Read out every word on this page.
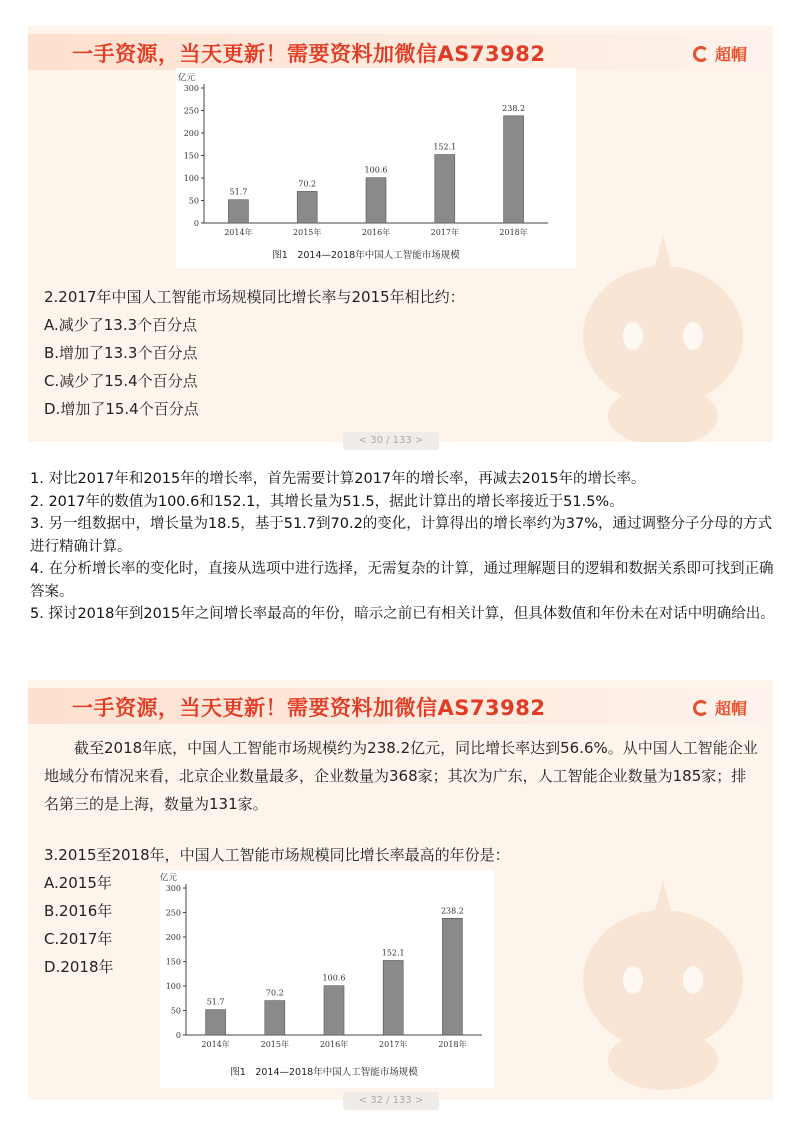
一手资源，当天更新！需要资料加微信AS73982	超帽
0
50
100
150
200
250
300
亿元
51.7
2014年
70.2
2015年
100.6
2016年
152.1
2017年
238.2
2018年
图1　2014—2018年中国人工智能市场规模
2.2017年中国人工智能市场规模同比增长率与2015年相比约：
A.减少了13.3个百分点
B.增加了13.3个百分点
C.减少了15.4个百分点
D.增加了15.4个百分点
< 30 / 133 >

1. 对比2017年和2015年的增长率，首先需要计算2017年的增长率，再减去2015年的增长率。

2. 2017年的数值为100.6和152.1，其增长量为51.5，据此计算出的增长率接近于51.5%。

3. 另一组数据中，增长量为18.5，基于51.7到70.2的变化，计算得出的增长率约为37%，通过调整分子分母的方式进行精确计算。

4. 在分析增长率的变化时，直接从选项中进行选择，无需复杂的计算，通过理解题目的逻辑和数据关系即可找到正确答案。

5. 探讨2018年到2015年之间增长率最高的年份，暗示之前已有相关计算，但具体数值和年份未在对话中明确给出。

一手资源，当天更新！需要资料加微信AS73982	超帽
截至2018年底，中国人工智能市场规模约为238.2亿元，同比增长率达到56.6%。从中国人工智能企业地域分布情况来看，北京企业数量最多，企业数量为368家；其次为广东，人工智能企业数量为185家；排名第三的是上海，数量为131家。
3.2015至2018年，中国人工智能市场规模同比增长率最高的年份是：
A.2015年
B.2016年
C.2017年
D.2018年
0
50
100
150
200
250
300
亿元
51.7
2014年
70.2
2015年
100.6
2016年
152.1
2017年
238.2
2018年
图1　2014—2018年中国人工智能市场规模
< 32 / 133 >
